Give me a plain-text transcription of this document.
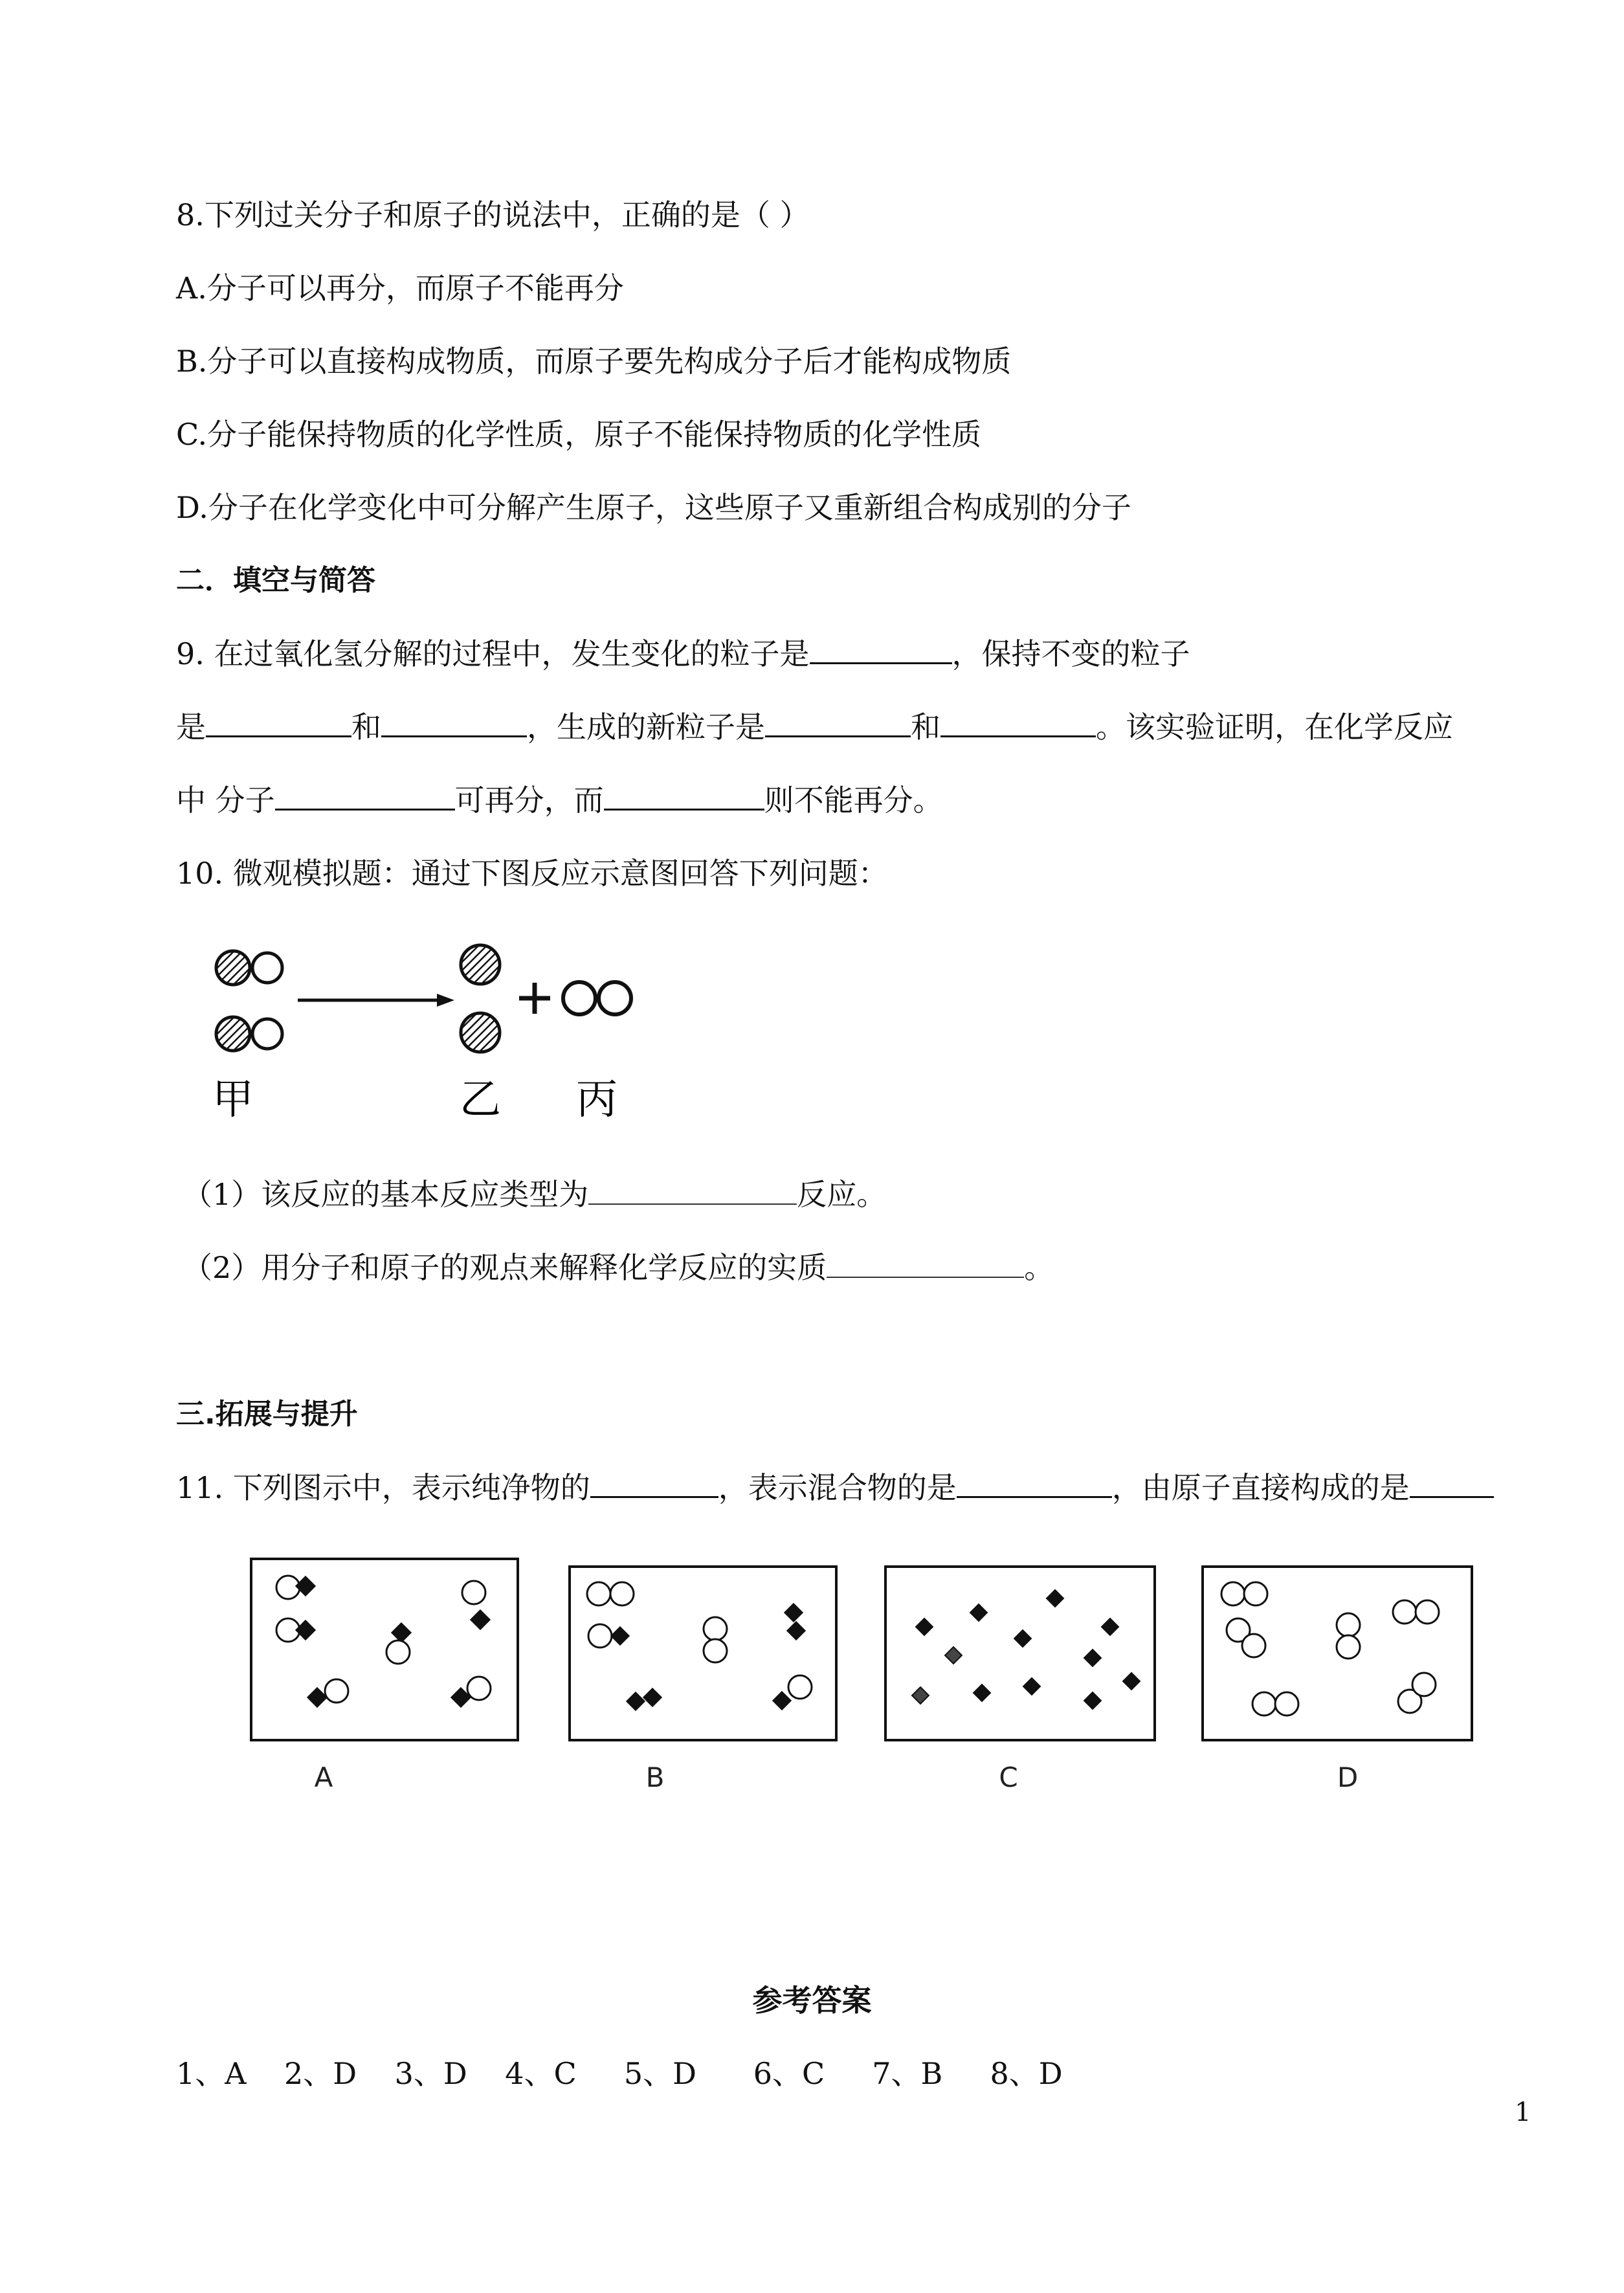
8.下列过关分子和原子的说法中，正确的是（ ）
A.分子可以再分，而原子不能再分
B.分子可以直接构成物质，而原子要先构成分子后才能构成物质
C.分子能保持物质的化学性质，原子不能保持物质的化学性质
D.分子在化学变化中可分解产生原子，这些原子又重新组合构成别的分子
二．填空与简答
9. 在过氧化氢分解的过程中，发生变化的粒子是	，保持不变的粒子
是	和	，生成的新粒子是	和	。该实验证明，在化学反应
中 分子	可再分，而	则不能再分。
10. 微观模拟题：通过下图反应示意图回答下列问题：
甲	乙 丙
（1）该反应的基本反应类型为	反应。
（2）用分子和原子的观点来解释化学反应的实质	。
三.拓展与提升
11. 下列图示中，表示纯净物的	，表示混合物的是	，由原子直接构成的是
A	B	C	D
参考答案
1、A    2、D    3、D    4、C     5、D      6、C     7、B     8、D
1
